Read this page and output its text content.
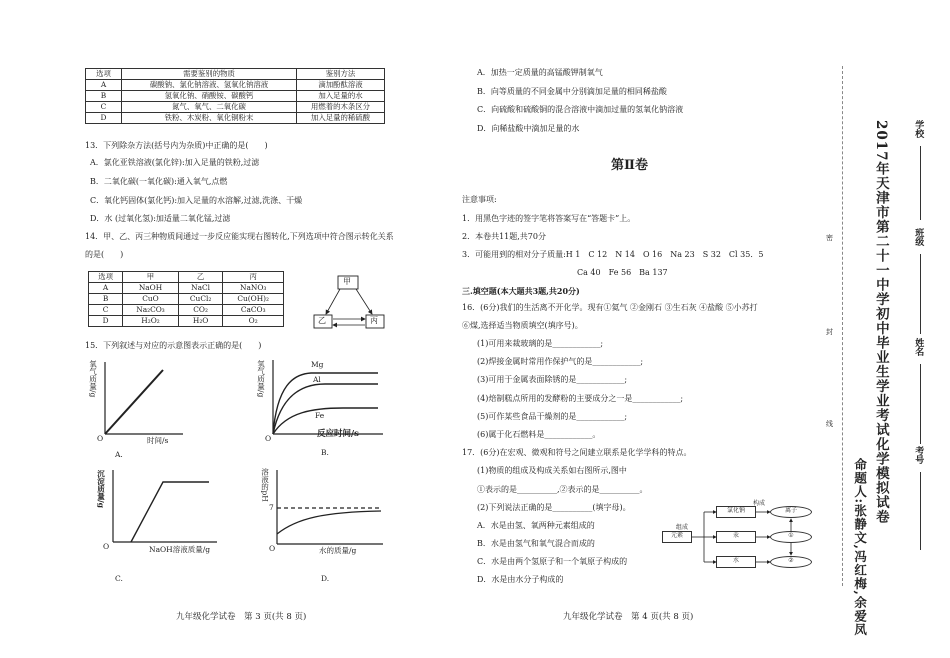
选项	需要鉴别的物质	鉴别方法
A	碳酸钠、氯化钠溶液、氢氧化钠溶液	滴加酚酞溶液
B	氢氧化钠、硝酸铵、碳酸钙	加入足量的水
C	氮气、氧气、二氧化碳	用燃着的木条区分
D	铁粉、木炭粉、氧化铜粉末	加入足量的稀硫酸
13．下列除杂方法(括号内为杂质)中正确的是(　　)
A．氯化亚铁溶液(氯化锌):加入足量的铁粉,过滤
B．二氧化碳(一氧化碳):通入氧气,点燃
C．氧化钙固体(氯化钙):加入足量的水溶解,过滤,洗涤、干燥
D．水 (过氧化氢):加适量二氧化锰,过滤
14．甲、乙、丙三种物质间通过一步反应能实现右图转化,下列选项中符合图示转化关系
的是(　　)
选项	甲	乙	丙
A	NaOH	NaCl	NaNO₃
B	CuO	CuCl₂	Cu(OH)₂
C	Na₂CO₃	CO₂	CaCO₃
D	H₂O₂	H₂O	O₂
甲
乙	丙
15．下列叙述与对应的示意图表示正确的是(　　)
氧气质量/g
O	时间/s
A.
氢气质量/g	Mg
Al
Fe
O	反应时间/s
B.
沉淀质量/g
O	NaOH溶液质量/g
C.
溶液的pH
7
O	水的质量/g
D.
九年级化学试卷　第 3 页(共 8 页)
A．加热一定质量的高锰酸钾制氧气
B．向等质量的不同金属中分别滴加足量的相同稀盐酸
C．向硫酸和硫酸铜的混合溶液中滴加过量的氢氧化钠溶液
D．向稀盐酸中滴加足量的水
第Ⅱ卷
注意事项:
1．用黑色字迹的签字笔将答案写在“答题卡”上。
2．本卷共11题,共70分
3．可能用到的相对分子质量:H 1　C 12　N 14　O 16　Na 23　S 32　Cl 35．5
Ca 40　Fe 56　Ba 137
三.填空题(本大题共3题,共20分)
16．(6分)我们的生活离不开化学。现有①氦气 ②金刚石 ③生石灰 ④盐酸 ⑤小苏打
⑥煤,选择适当物质填空(填序号)。
(1)可用来裁玻璃的是____________;
(2)焊接金属时常用作保护气的是____________;
(3)可用于金属表面除锈的是____________;
(4)焙制糕点所用的发酵粉的主要成分之一是____________;
(5)可作某些食品干燥剂的是____________;
(6)属于化石燃料是____________。
17．(6分)在宏观、微观和符号之间建立联系是化学学科的特点。
(1)物质的组成及构成关系如右图所示,图中
①表示的是__________,②表示的是__________。
(2)下列说法正确的是__________(填字母)。
A．水是由氢、氧两种元素组成的
B．水是由氢气和氧气混合而成的
C．水是由两个氢原子和一个氧原子构成的
D．水是由水分子构成的
元素
组成
氯化钠
汞
水
构成
离子
①
②
九年级化学试卷　第 4 页(共 8 页)
密
封
线	2017年天津市第二十一中学初中毕业生学业考试化学模拟试卷
命题人:张静文,冯红梅,余爱凤
学校
班级
姓名
考号
